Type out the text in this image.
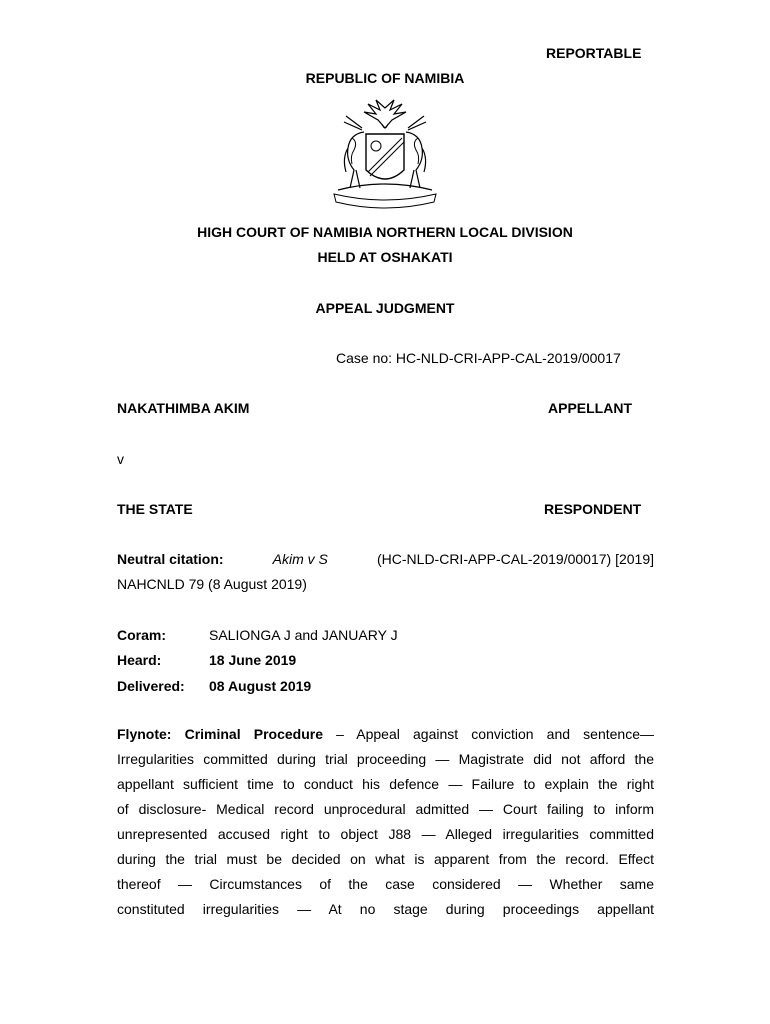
REPORTABLE
REPUBLIC OF NAMIBIA
HIGH COURT OF NAMIBIA NORTHERN LOCAL DIVISION
HELD AT OSHAKATI
APPEAL JUDGMENT
Case no: HC-NLD-CRI-APP-CAL-2019/00017
NAKATHIMBA AKIM	APPELLANT
v
THE STATE	RESPONDENT
Neutral citation:	Akim v S	(HC-NLD-CRI-APP-CAL-2019/00017) [2019]
NAHCNLD 79 (8 August 2019)
Coram:	SALIONGA J and JANUARY J
Heard:	18 June 2019
Delivered: 08 August 2019
Flynote: Criminal Procedure – Appeal against conviction and sentence—
Irregularities committed during trial proceeding — Magistrate did not afford the
appellant sufficient time to conduct his defence — Failure to explain the right
of disclosure- Medical record unprocedural admitted — Court failing to inform
unrepresented accused right to object J88 — Alleged irregularities committed
during the trial must be decided on what is apparent from the record. Effect
thereof — Circumstances of the case considered — Whether same
constituted irregularities — At no stage during proceedings appellant
